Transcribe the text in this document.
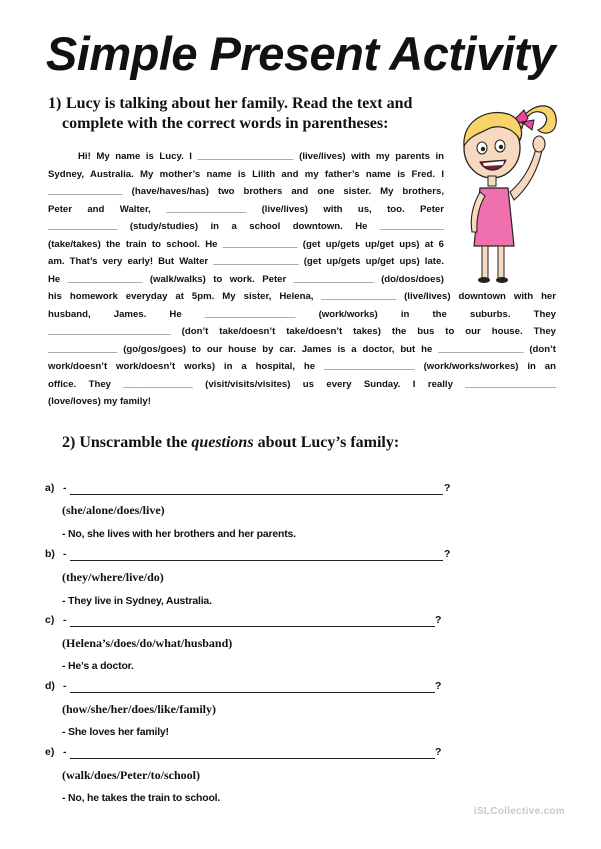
Simple Present Activity
1) Lucy is talking about her family. Read the text and
complete with the correct words in parentheses:
Hi! My name is Lucy. I __________________ (live/lives) with my parents in
Sydney, Australia. My mother’s name is Lilith and my father’s name is Fred. I
______________ (have/haves/has) two brothers and one sister. My brothers,
Peter and Walter, _______________ (live/lives) with us, too. Peter
_____________ (study/studies) in a school downtown. He ____________
(take/takes) the train to school. He ______________ (get up/gets up/get ups) at 6
am. That’s very early! But Walter ________________ (get up/gets up/get ups) late.
He ______________ (walk/walks) to work. Peter _______________ (do/dos/does)
his homework everyday at 5pm. My sister, Helena, ______________ (live/lives) downtown with her
husband, James. He _________________ (work/works) in the suburbs. They
_______________________ (don’t take/doesn’t take/doesn’t takes) the bus to our house. They
_____________ (go/gos/goes) to our house by car. James is a doctor, but he ________________ (don’t
work/doesn’t work/doesn’t works) in a hospital, he _________________ (work/works/workes) in an
office. They _____________ (visit/visits/visites) us every Sunday. I really _________________
(love/loves) my family!
2) Unscramble the questions about Lucy’s family:
a) -	?
(she/alone/does/live)
- No, she lives with her brothers and her parents.
b) -	?
(they/where/live/do)
- They live in Sydney, Australia.
c) -	?
(Helena’s/does/do/what/husband)
- He’s a doctor.
d) -	?
(how/she/her/does/like/family)
- She loves her family!
e) -	?
(walk/does/Peter/to/school)
- No, he takes the train to school.
iSLCollective.com
